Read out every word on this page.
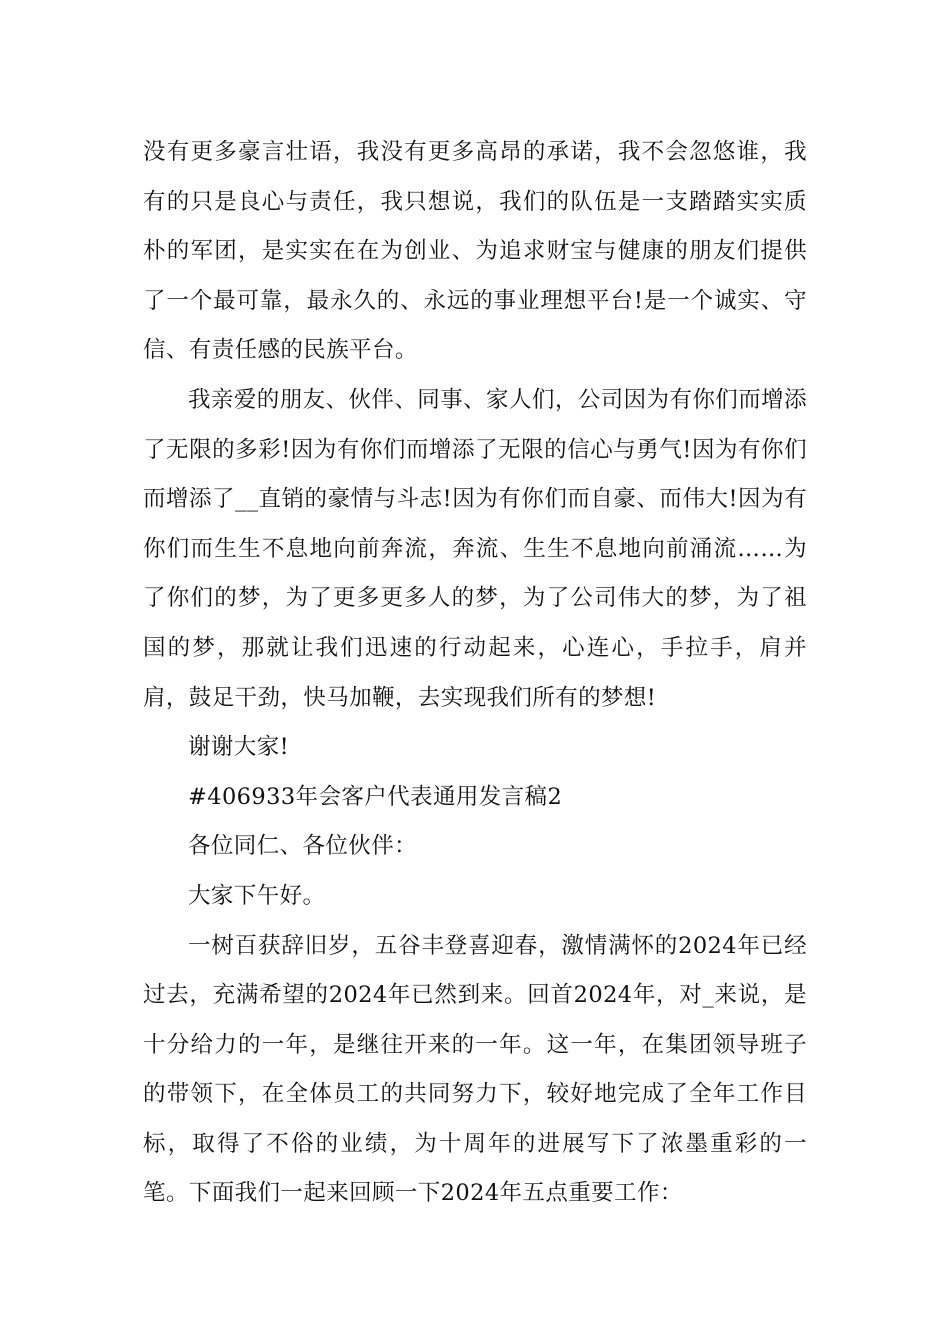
没有更多豪言壮语，我没有更多高昂的承诺，我不会忽悠谁，我有的只是良心与责任，我只想说，我们的队伍是一支踏踏实实质朴的军团，是实实在在为创业、为追求财宝与健康的朋友们提供了一个最可靠，最永久的、永远的事业理想平台!是一个诚实、守信、有责任感的民族平台。

我亲爱的朋友、伙伴、同事、家人们，公司因为有你们而增添了无限的多彩!因为有你们而增添了无限的信心与勇气!因为有你们而增添了__直销的豪情与斗志!因为有你们而自豪、而伟大!因为有你们而生生不息地向前奔流，奔流、生生不息地向前涌流……为了你们的梦，为了更多更多人的梦，为了公司伟大的梦，为了祖国的梦，那就让我们迅速的行动起来，心连心，手拉手，肩并肩，鼓足干劲，快马加鞭，去实现我们所有的梦想!

谢谢大家!

#406933年会客户代表通用发言稿2

各位同仁、各位伙伴：

大家下午好。

一树百获辞旧岁，五谷丰登喜迎春，激情满怀的2024年已经过去，充满希望的2024年已然到来。回首2024年，对_来说，是十分给力的一年，是继往开来的一年。这一年，在集团领导班子的带领下，在全体员工的共同努力下，较好地完成了全年工作目标，取得了不俗的业绩，为十周年的进展写下了浓墨重彩的一笔。下面我们一起来回顾一下2024年五点重要工作：
